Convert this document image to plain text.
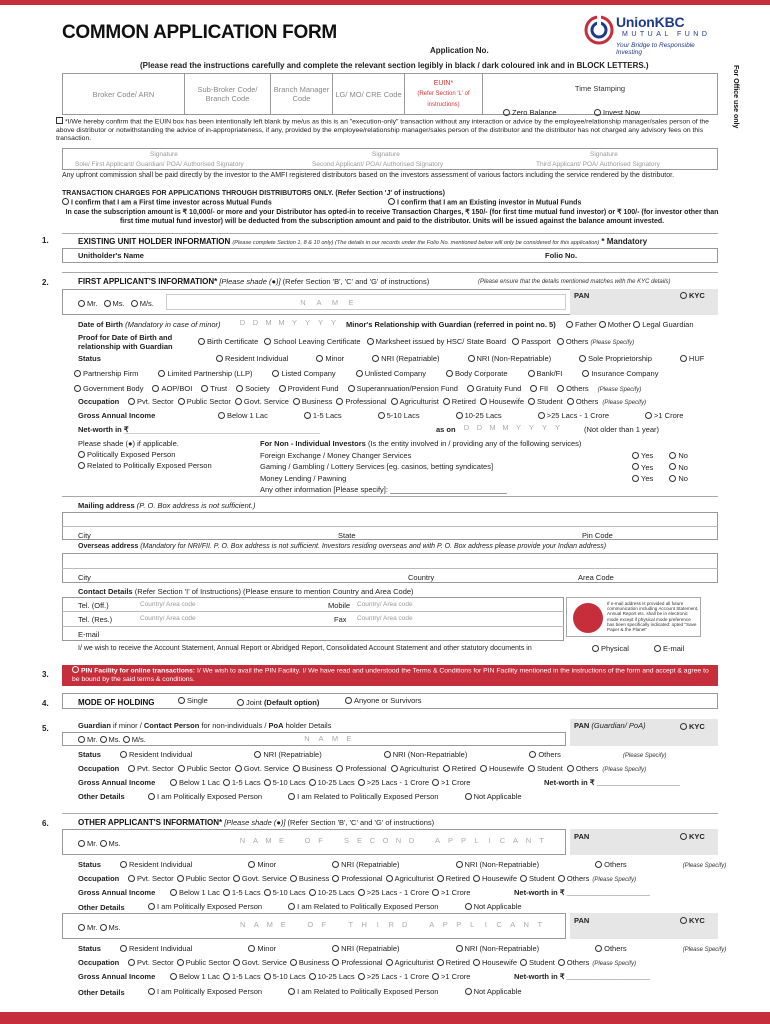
COMMON APPLICATION FORM
Application No.
(Please read the instructions carefully and complete the relevant section legibly in black / dark coloured ink and in BLOCK LETTERS.)
UnionKBC
MUTUAL FUND
Your Bridge to Responsible Investing
For Office use only
Broker Code/ ARN	Sub-Broker Code/ Branch Code	Branch Manager Code	LG/ MO/ CRE Code	EUIN*
(Refer Section 'L' of instructions)	Time Stamping
Zero Balance	Invest Now
*I/We hereby confirm that the EUIN box has been intentionally left blank by me/us as this is an "execution-only" transaction without any interaction or advice by the employee/relationship manager/sales person of the above distributor or notwithstanding the advice of in-appropriateness, if any, provided by the employee/relationship manager/sales person of the distributor and the distributor has not charged any advisory fees on this transaction.
Signature
Sole/ First Applicant/ Guardian/ POA/ Authorised Signatory
Signature
Second Applicant/ POA/ Authorised Signatory
Signature
Third Applicant/ POA/ Authorised Signatory
Any upfront commission shall be paid directly by the investor to the AMFI registered distributors based on the investors assessment of various factors including the service rendered by the distributor.
TRANSACTION CHARGES FOR APPLICATIONS THROUGH DISTRIBUTORS ONLY. (Refer Section 'J' of instructions)
I confirm that I am a First time investor across Mutual Funds	I confirm that I am an Existing investor in Mutual Funds
In case the subscription amount is ₹ 10,000/- or more and your Distributor has opted-in to receive Transaction Charges, ₹ 150/- (for first time mutual fund investor) or ₹ 100/- (for investor other than first time mutual fund investor) will be deducted from the subscription amount and paid to the distributor. Units will be issued against the balance amount invested.
1.	EXISTING UNIT HOLDER INFORMATION (Please complete Section 1, 8 & 10 only) (The details in our records under the Folio No. mentioned below will only be considered for this application) * Mandatory
Unitholder's Name	Folio No.
2.	FIRST APPLICANT'S INFORMATION* [Please shade (●)] (Refer Section 'B', 'C' and 'G' of instructions)	(Please ensure that the details mentioned matches with the KYC details)
Mr. Ms. M/s.	N	A	M	E
PAN	KYC
Date of Birth (Mandatory in case of minor)	D	D M M Y	Y	Y	Y	Minor's Relationship with Guardian (referred in point no. 5)	Father Mother Legal Guardian
Proof for Date of Birth and relationship with Guardian
Birth Certificate School Leaving Certificate Marksheet issued by HSC/ State Board Passport Others (Please Specify)
Status	Resident Individual	Minor	NRI (Repatriable)	NRI (Non-Repatriable)	Sole Proprietorship	HUF
Partnership Firm	Limited Partnership (LLP)	Listed Company	Unlisted Company	Body Corporate	Bank/FI	Insurance Company
Government Body AOP/BOI Trust Society Provident Fund Superannuation/Pension Fund Gratuity Fund FII Others (Please Specify)
Occupation	Pvt. Sector Public Sector Govt. Service Business Professional Agriculturist Retired Housewife Student Others (Please Specify)
Gross Annual Income	Below 1 Lac	1-5 Lacs	5-10 Lacs	10-25 Lacs	>25 Lacs - 1 Crore	>1 Crore
Net-worth in ₹
_______________________________________________	as on	D	D M M Y	Y	Y	Y	(Not older than 1 year)
Please shade (●) if applicable.
Politically Exposed Person
Related to Politically Exposed Person
For Non - Individual Investors (Is the entity involved in / providing any of the following services)
Foreign Exchange / Money Changer Services
Gaming / Gambling / Lottery Services [eg. casinos, betting syndicates]
Money Lending / Pawning
Any other information [Please specify]: ____________________________
Yes	No
Yes	No
Yes	No
Mailing address (P. O. Box address is not sufficient.)
City	State	Pin Code
Overseas address (Mandatory for NRI/FII. P. O. Box address is not sufficient. Investors residing overseas and with P. O. Box address please provide your Indian address)
City	Country	Area Code
Contact Details (Refer Section 'I' of Instructions) (Please ensure to mention Country and Area Code)
Tel. (Off.)	Country/ Area code	Mobile Country/ Area code
Tel. (Res.)	Country/ Area code	Fax Country/ Area code
E-mail
If e-mail address is provided all future communication including Account Statement, Annual Report etc. shall be in electronic mode except if physical mode preference has been specifically indicated: opted "Save Paper & the Planet"
I/ we wish to receive the Account Statement, Annual Report or Abridged Report, Consolidated Account Statement and other statutory documents in	Physical	E-mail
3.	PIN Facility for online transactions: I/ We wish to avail the PIN Facility. I/ We have read and understood the Terms & Conditions for PIN Facility mentioned in the instructions of the form and accept & agree to be bound by the said terms & conditions.
4.	MODE OF HOLDING	Single	Joint (Default option)	Anyone or Survivors
5.	Guardian if minor / Contact Person for non-individuals / PoA holder Details
Mr. Ms. M/s.	N	A	M	E
PAN (Guardian/ PoA)	KYC
Status	Resident Individual	NRI (Repatriable)	NRI (Non-Repatriable)	Others	(Please Specify)
Occupation	Pvt. Sector Public Sector Govt. Service Business Professional Agriculturist Retired Housewife Student Others (Please Specify)
Gross Annual Income	Below 1 Lac 1-5 Lacs 5-10 Lacs 10-25 Lacs >25 Lacs - 1 Crore >1 Crore	Net-worth in ₹ ____________________
Other Details	I am Politically Exposed Person	I am Related to Politically Exposed Person	Not Applicable
6.	OTHER APPLICANT'S INFORMATION* [Please shade (●)] (Refer Section 'B', 'C' and 'G' of instructions)
Mr. Ms.	N	A M E	O	F	S	E	C O N	D	A	P	P	L	I	C	A	N	T	PAN	KYC
Status	Resident Individual	Minor	NRI (Repatriable)	NRI (Non-Repatriable)	Others	(Please Specify)
Occupation	Pvt. Sector Public Sector Govt. Service Business Professional Agriculturist Retired Housewife Student Others (Please Specify)
Gross Annual Income	Below 1 Lac 1-5 Lacs 5-10 Lacs 10-25 Lacs >25 Lacs - 1 Crore >1 Crore	Net-worth in ₹ ____________________
Other Details	I am Politically Exposed Person	I am Related to Politically Exposed Person	Not Applicable
Mr. Ms.	N	A	M	E	O	F	T	H	I	R	D	A	P	P	L	I	C	A	N	T	PAN	KYC
Status	Resident Individual	Minor	NRI (Repatriable)	NRI (Non-Repatriable)	Others	(Please Specify)
Occupation	Pvt. Sector Public Sector Govt. Service Business Professional Agriculturist Retired Housewife Student Others (Please Specify)
Gross Annual Income	Below 1 Lac 1-5 Lacs 5-10 Lacs 10-25 Lacs >25 Lacs - 1 Crore >1 Crore	Net-worth in ₹ ____________________
Other Details	I am Politically Exposed Person	I am Related to Politically Exposed Person	Not Applicable
